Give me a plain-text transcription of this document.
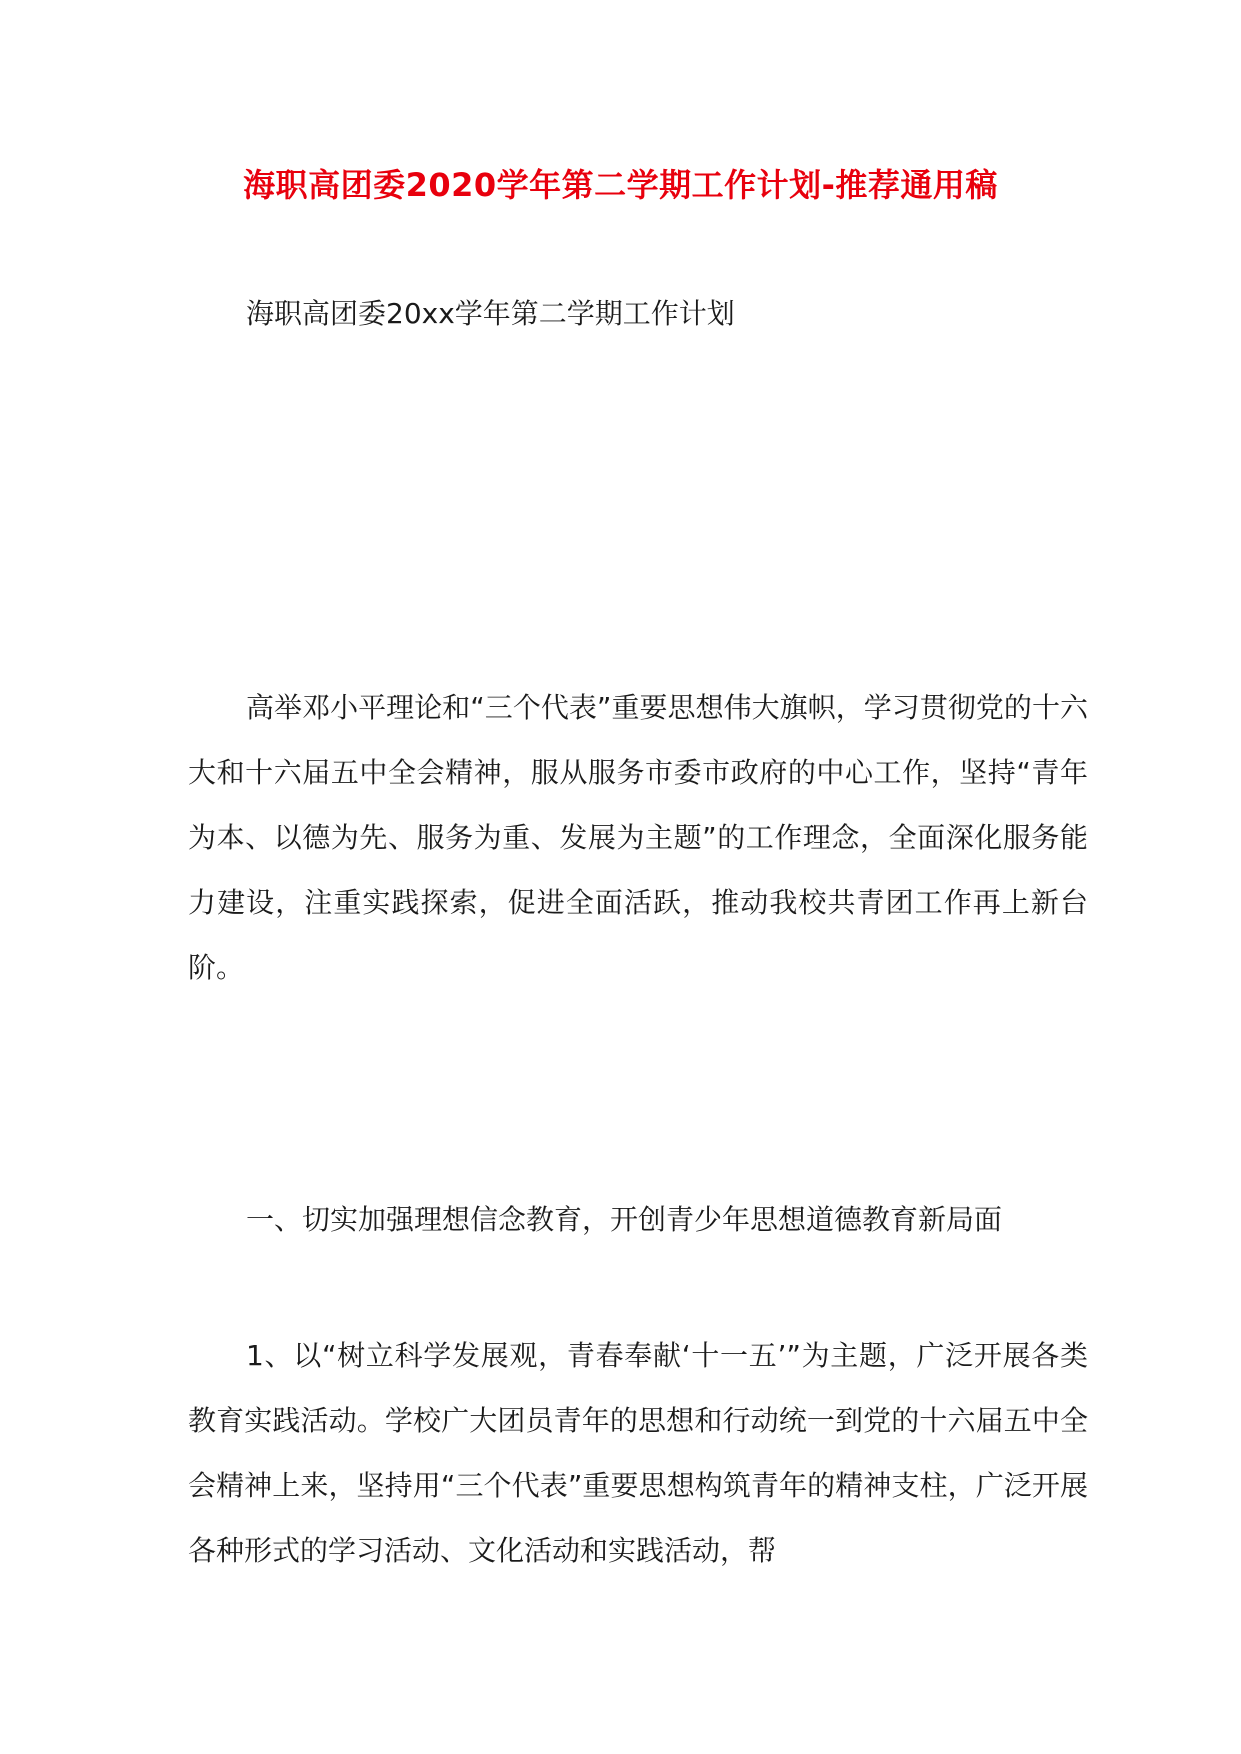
海职高团委2020学年第二学期工作计划-推荐通用稿
海职高团委20xx学年第二学期工作计划
高举邓小平理论和“三个代表”重要思想伟大旗帜，学习贯彻党的十六大和十六届五中全会精神，服从服务市委市政府的中心工作，坚持“青年为本、以德为先、服务为重、发展为主题”的工作理念，全面深化服务能力建设，注重实践探索，促进全面活跃，推动我校共青团工作再上新台阶。
一、切实加强理想信念教育，开创青少年思想道德教育新局面
1、以“树立科学发展观，青春奉献‘十一五’”为主题，广泛开展各类教育实践活动。学校广大团员青年的思想和行动统一到党的十六届五中全会精神上来，坚持用“三个代表”重要思想构筑青年的精神支柱，广泛开展各种形式的学习活动、文化活动和实践活动，帮
